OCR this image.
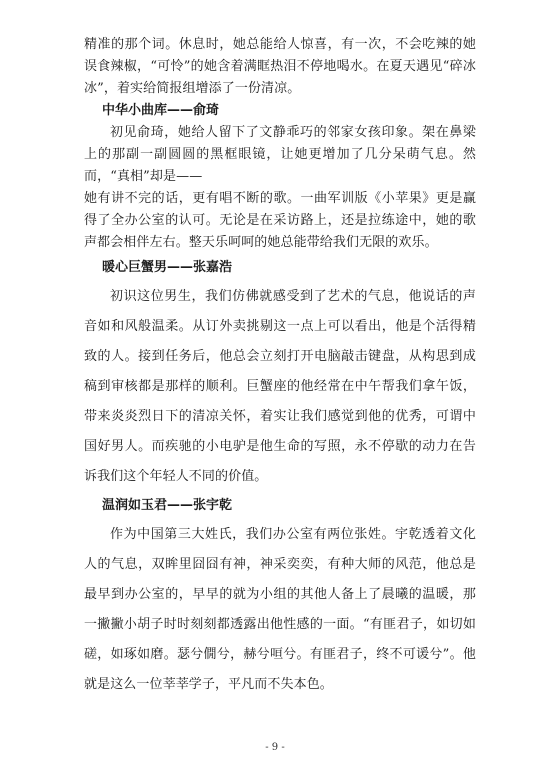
精准的那个词。休息时，她总能给人惊喜，有一次，不会吃辣的她误食辣椒，“可怜”的她含着满眶热泪不停地喝水。在夏天遇见“碎冰冰”，着实给简报组增添了一份清凉。

中华小曲库——俞琦

初见俞琦，她给人留下了文静乖巧的邻家女孩印象。架在鼻梁上的那副一副圆圆的黑框眼镜，让她更增加了几分呆萌气息。然而，“真相”却是——

她有讲不完的话，更有唱不断的歌。一曲军训版《小苹果》更是赢得了全办公室的认可。无论是在采访路上，还是拉练途中，她的歌声都会相伴左右。整天乐呵呵的她总能带给我们无限的欢乐。

暖心巨蟹男——张嘉浩

初识这位男生，我们仿佛就感受到了艺术的气息，他说话的声音如和风般温柔。从订外卖挑剔这一点上可以看出，他是个活得精致的人。接到任务后，他总会立刻打开电脑敲击键盘，从构思到成稿到审核都是那样的顺利。巨蟹座的他经常在中午帮我们拿午饭，带来炎炎烈日下的清凉关怀，着实让我们感觉到他的优秀，可谓中国好男人。而疾驰的小电驴是他生命的写照，永不停歇的动力在告诉我们这个年轻人不同的价值。

温润如玉君——张宇乾

作为中国第三大姓氏，我们办公室有两位张姓。宇乾透着文化人的气息，双眸里囧囧有神，神采奕奕，有种大师的风范，他总是最早到办公室的，早早的就为小组的其他人备上了晨曦的温暖，那一撇撇小胡子时时刻刻都透露出他性感的一面。“有匪君子，如切如磋，如琢如磨。瑟兮僩兮，赫兮咺兮。有匪君子，终不可谖兮”。他就是这么一位莘莘学子，平凡而不失本色。

- 9 -
